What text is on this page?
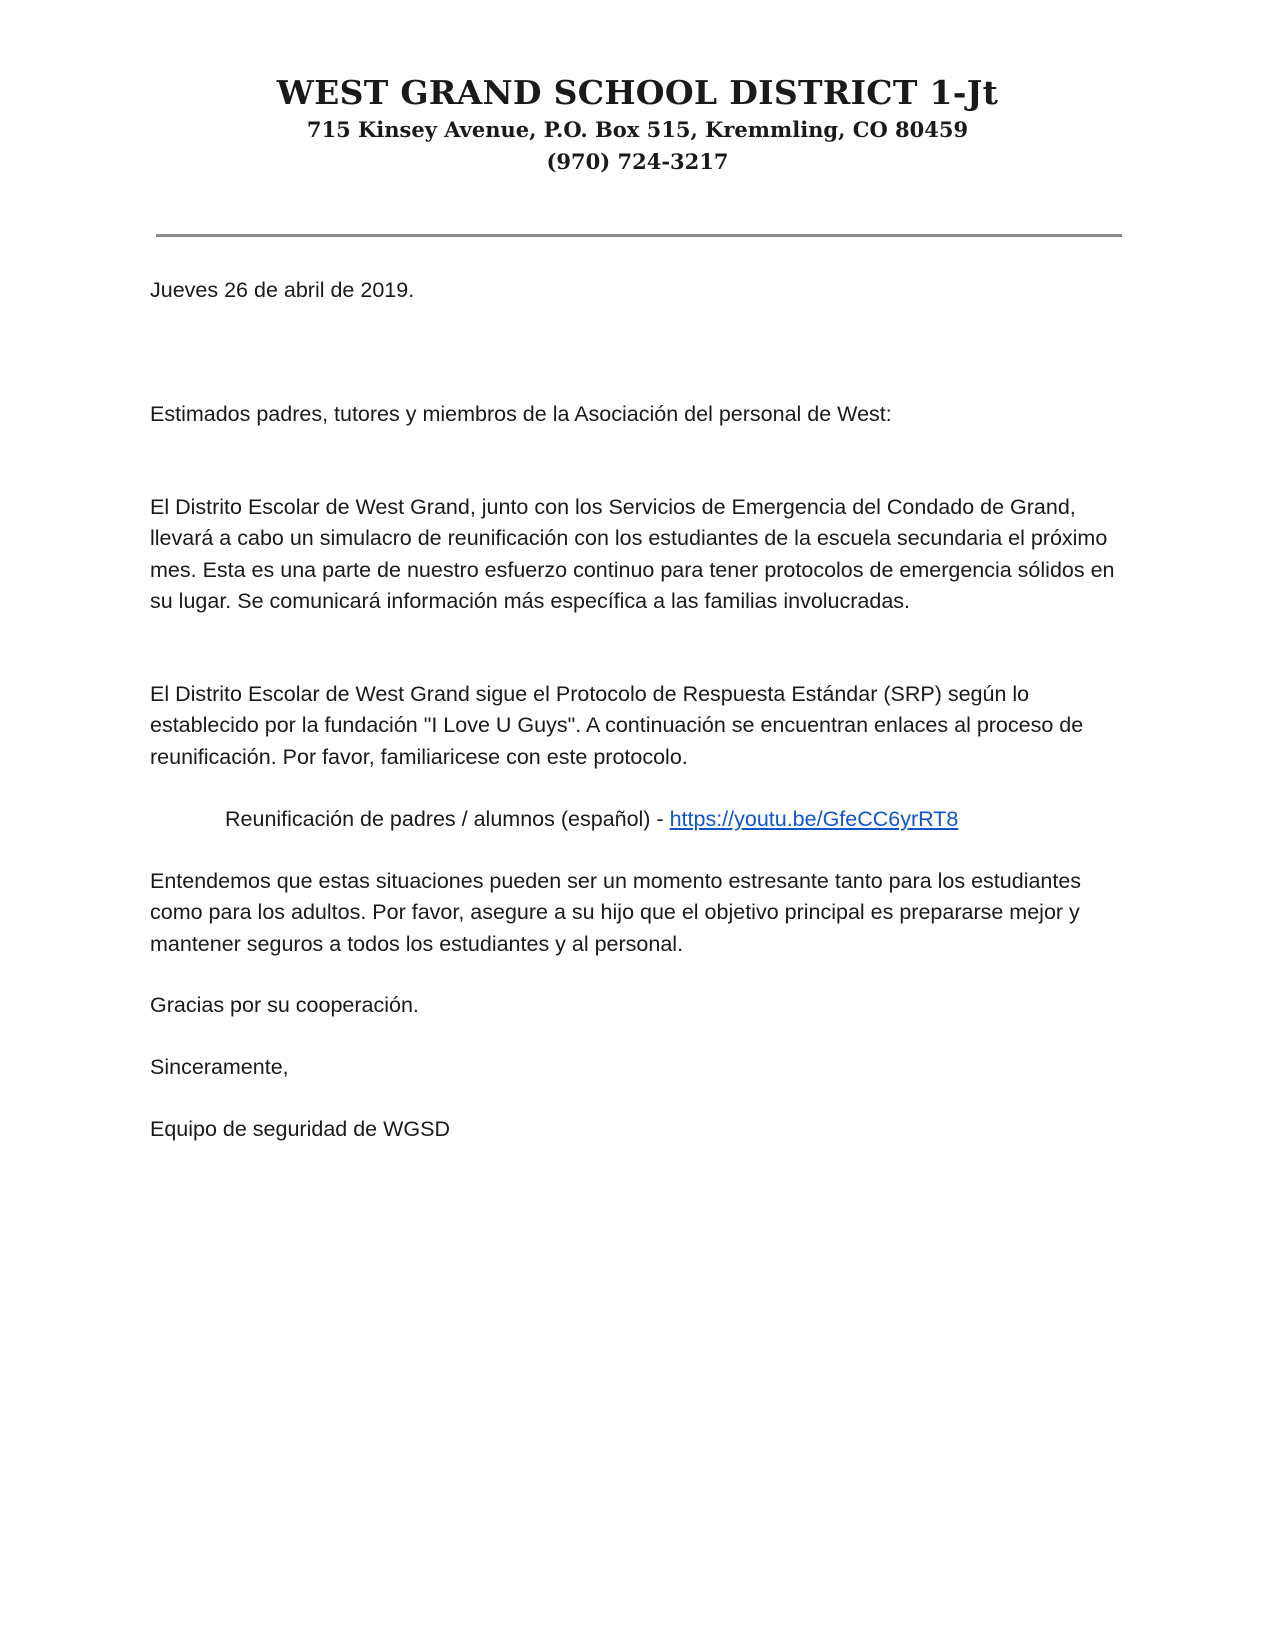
WEST GRAND SCHOOL DISTRICT 1-Jt
715 Kinsey Avenue, P.O. Box 515, Kremmling, CO 80459
(970) 724-3217

Jueves 26 de abril de 2019.

Estimados padres, tutores y miembros de la Asociación del personal de West:

El Distrito Escolar de West Grand, junto con los Servicios de Emergencia del Condado de Grand, llevará a cabo un simulacro de reunificación con los estudiantes de la escuela secundaria el próximo mes. Esta es una parte de nuestro esfuerzo continuo para tener protocolos de emergencia sólidos en su lugar. Se comunicará información más específica a las familias involucradas.

El Distrito Escolar de West Grand sigue el Protocolo de Respuesta Estándar (SRP) según lo establecido por la fundación "I Love U Guys". A continuación se encuentran enlaces al proceso de reunificación. Por favor, familiaricese con este protocolo.

Reunificación de padres / alumnos (español) - https://youtu.be/GfeCC6yrRT8

Entendemos que estas situaciones pueden ser un momento estresante tanto para los estudiantes como para los adultos. Por favor, asegure a su hijo que el objetivo principal es prepararse mejor y mantener seguros a todos los estudiantes y al personal.

Gracias por su cooperación.

Sinceramente,

Equipo de seguridad de WGSD
